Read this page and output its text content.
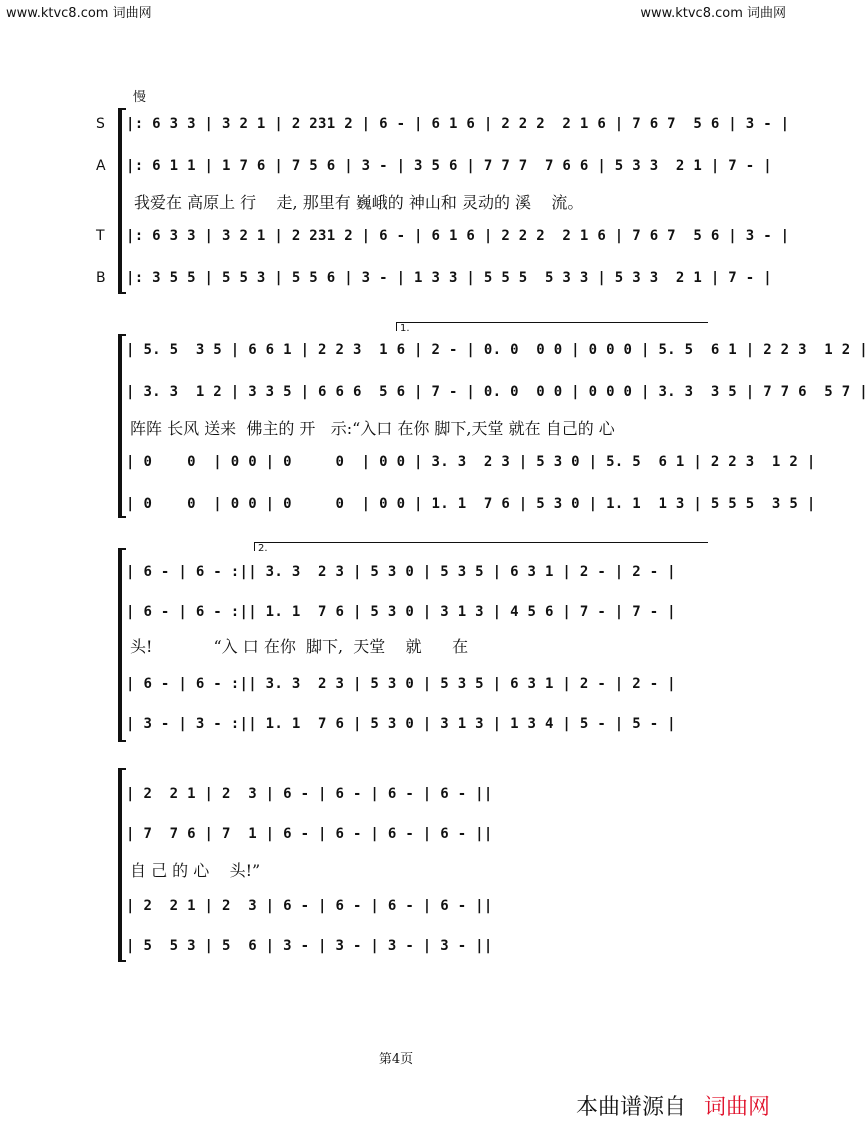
www.ktvc8.com 词曲网	www.ktvc8.com 词曲网
慢
S
A
T
B
|: 6 3 3 | 3 2 1 | 2 231 2 | 6 - | 6 1 6 | 2 2 2  2 1 6 | 7 6 7  5 6 | 3 - |
|: 6 1 1 | 1 7 6 | 7 5 6 | 3 - | 3 5 6 | 7 7 7  7 6 6 | 5 3 3  2 1 | 7 - |
我爱在 高原上 行    走, 那里有 巍峨的 神山和 灵动的 溪    流。
|: 6 3 3 | 3 2 1 | 2 231 2 | 6 - | 6 1 6 | 2 2 2  2 1 6 | 7 6 7  5 6 | 3 - |
|: 3 5 5 | 5 5 3 | 5 5 6 | 3 - | 1 3 3 | 5 5 5  5 3 3 | 5 3 3  2 1 | 7 - |
1.
| 5. 5  3 5 | 6 6 1 | 2 2 3  1 6 | 2 - | 0. 0  0 0 | 0 0 0 | 5. 5  6 1 | 2 2 3  1 2 |
| 3. 3  1 2 | 3 3 5 | 6 6 6  5 6 | 7 - | 0. 0  0 0 | 0 0 0 | 3. 3  3 5 | 7 7 6  5 7 |
阵阵 长风 送来  佛主的 开   示:“入口 在你 脚下,天堂 就在 自己的 心
| 0    0  | 0 0 | 0     0  | 0 0 | 3. 3  2 3 | 5 3 0 | 5. 5  6 1 | 2 2 3  1 2 |
| 0    0  | 0 0 | 0     0  | 0 0 | 1. 1  7 6 | 5 3 0 | 1. 1  1 3 | 5 5 5  3 5 |
2.
| 6 - | 6 - :|| 3. 3  2 3 | 5 3 0 | 5 3 5 | 6 3 1 | 2 - | 2 - |
| 6 - | 6 - :|| 1. 1  7 6 | 5 3 0 | 3 1 3 | 4 5 6 | 7 - | 7 - |
头!            “入 口 在你  脚下,  天堂    就      在
| 6 - | 6 - :|| 3. 3  2 3 | 5 3 0 | 5 3 5 | 6 3 1 | 2 - | 2 - |
| 3 - | 3 - :|| 1. 1  7 6 | 5 3 0 | 3 1 3 | 1 3 4 | 5 - | 5 - |
| 2  2 1 | 2  3 | 6 - | 6 - | 6 - | 6 - ||
| 7  7 6 | 7  1 | 6 - | 6 - | 6 - | 6 - ||
自 己 的 心    头!”
| 2  2 1 | 2  3 | 6 - | 6 - | 6 - | 6 - ||
| 5  5 3 | 5  6 | 3 - | 3 - | 3 - | 3 - ||
第4页
本曲谱源自 词曲网
